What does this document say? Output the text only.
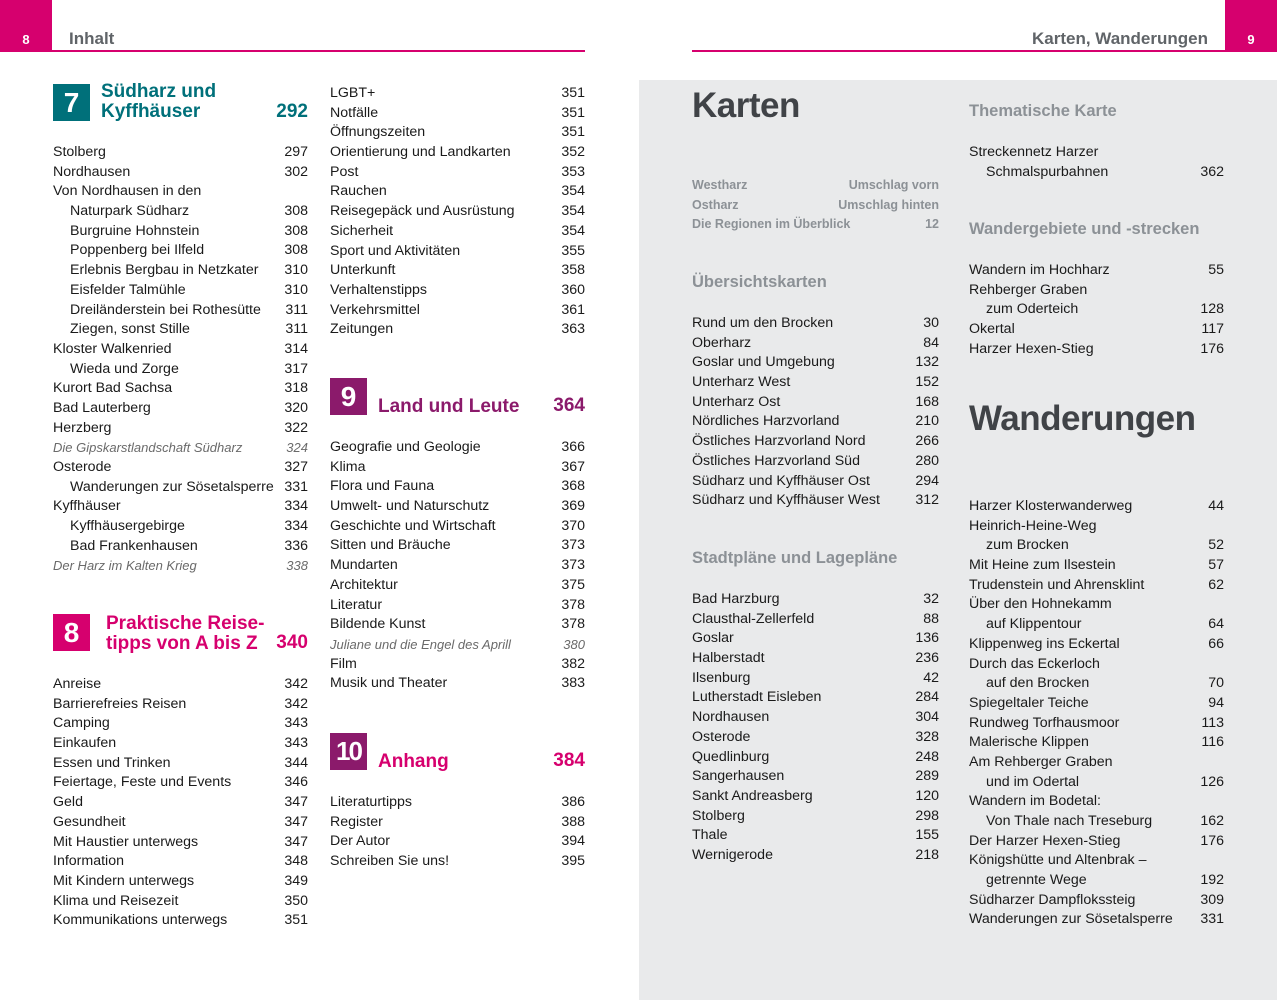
8	Inhalt	Karten, Wanderungen	9
7	Südharz und
Kyffhäuser	292
Stolberg	297
Nordhausen	302
Von Nordhausen in den
Naturpark Südharz	308
Burgruine Hohnstein	308
Poppenberg bei Ilfeld	308
Erlebnis Bergbau in Netzkater	310
Eisfelder Talmühle	310
Dreiländerstein bei Rothesütte	311
Ziegen, sonst Stille	311
Kloster Walkenried	314
Wieda und Zorge	317
Kurort Bad Sachsa	318
Bad Lauterberg	320
Herzberg	322
Die Gipskarstlandschaft Südharz	324
Osterode	327
Wanderungen zur Sösetalsperre 331
Kyffhäuser	334
Kyffhäusergebirge	334
Bad Frankenhausen	336
Der Harz im Kalten Krieg	338
8	Praktische Reise-
tipps von A bis Z 340
Anreise	342
Barrierefreies Reisen	342
Camping	343
Einkaufen	343
Essen und Trinken	344
Feiertage, Feste und Events	346
Geld	347
Gesundheit	347
Mit Haustier unterwegs	347
Information	348
Mit Kindern unterwegs	349
Klima und Reisezeit	350
Kommunikations unterwegs	351
LGBT+	351
Notfälle	351
Öffnungszeiten	351
Orientierung und Landkarten	352
Post	353
Rauchen	354
Reisegepäck und Ausrüstung	354
Sicherheit	354
Sport und Aktivitäten	355
Unterkunft	358
Verhaltenstipps	360
Verkehrsmittel	361
Zeitungen	363
9	Land und Leute 364
Geografie und Geologie	366
Klima	367
Flora und Fauna	368
Umwelt- und Naturschutz	369
Geschichte und Wirtschaft	370
Sitten und Bräuche	373
Mundarten	373
Architektur	375
Literatur	378
Bildende Kunst	378
Juliane und die Engel des Aprill	380
Film	382
Musik und Theater	383
10 Anhang	384
Literaturtipps	386
Register	388
Der Autor	394
Schreiben Sie uns!	395
Karten
Westharz	Umschlag vorn
Ostharz	Umschlag hinten
Die Regionen im Überblick	12
Übersichtskarten
Rund um den Brocken	30
Oberharz	84
Goslar und Umgebung	132
Unterharz West	152
Unterharz Ost	168
Nördliches Harzvorland	210
Östliches Harzvorland Nord	266
Östliches Harzvorland Süd	280
Südharz und Kyffhäuser Ost	294
Südharz und Kyffhäuser West	312
Stadtpläne und Lagepläne
Bad Harzburg	32
Clausthal-Zellerfeld	88
Goslar	136
Halberstadt	236
Ilsenburg	42
Lutherstadt Eisleben	284
Nordhausen	304
Osterode	328
Quedlinburg	248
Sangerhausen	289
Sankt Andreasberg	120
Stolberg	298
Thale	155
Wernigerode	218
Thematische Karte
Streckennetz Harzer
Schmalspurbahnen	362
Wandergebiete und -strecken
Wandern im Hochharz	55
Rehberger Graben
zum Oderteich	128
Okertal	117
Harzer Hexen-Stieg	176
Wanderungen
Harzer Klosterwanderweg	44
Heinrich-Heine-Weg
zum Brocken	52
Mit Heine zum Ilsestein	57
Trudenstein und Ahrensklint	62
Über den Hohnekamm
auf Klippentour	64
Klippenweg ins Eckertal	66
Durch das Eckerloch
auf den Brocken	70
Spiegeltaler Teiche	94
Rundweg Torfhausmoor	113
Malerische Klippen	116
Am Rehberger Graben
und im Odertal	126
Wandern im Bodetal:
Von Thale nach Treseburg	162
Der Harzer Hexen-Stieg	176
Königshütte und Altenbrak –
getrennte Wege	192
Südharzer Dampflokssteig	309
Wanderungen zur Sösetalsperre	331
